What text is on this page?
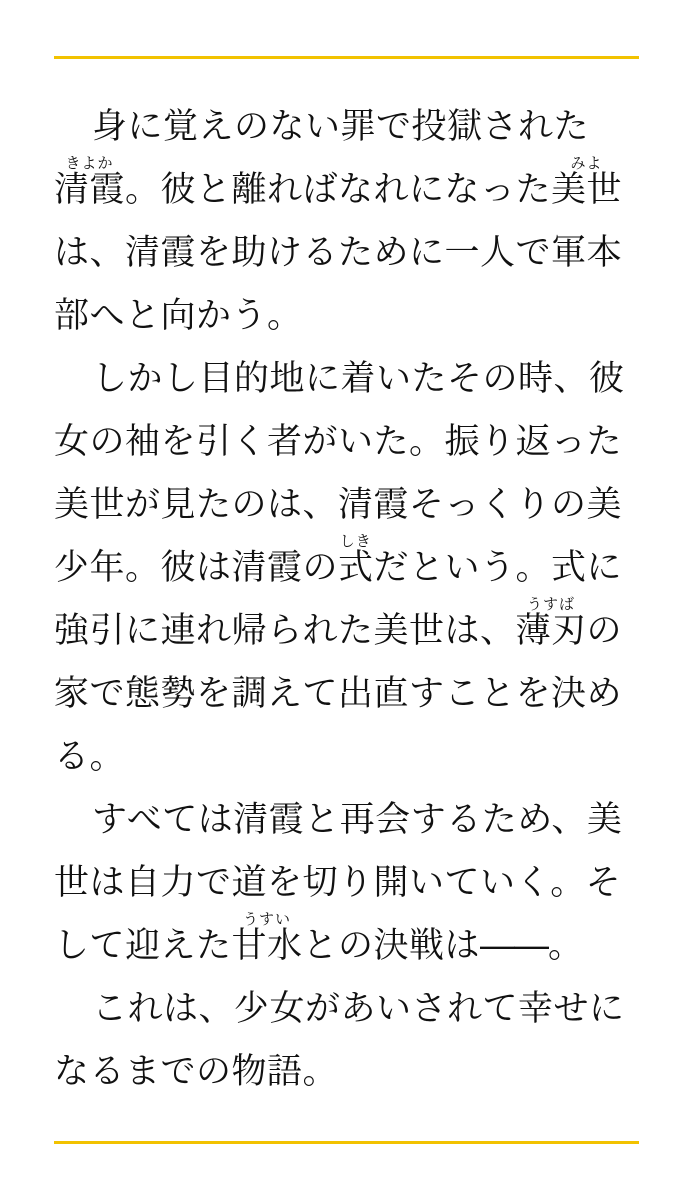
身に覚えのない罪で投獄された清霞きよか。彼と離ればなれになった美世みよは、清霞を助けるために一人で軍本部へと向かう。

しかし目的地に着いたその時、彼女の袖を引く者がいた。振り返った美世が見たのは、清霞そっくりの美少年。彼は清霞の式しきだという。式に強引に連れ帰られた美世は、薄刃うすばの家で態勢を調えて出直すことを決める。

すべては清霞と再会するため、美世は自力で道を切り開いていく。そして迎えた甘水うすいとの決戦は——。

これは、少女があいされて幸せになるまでの物語。
